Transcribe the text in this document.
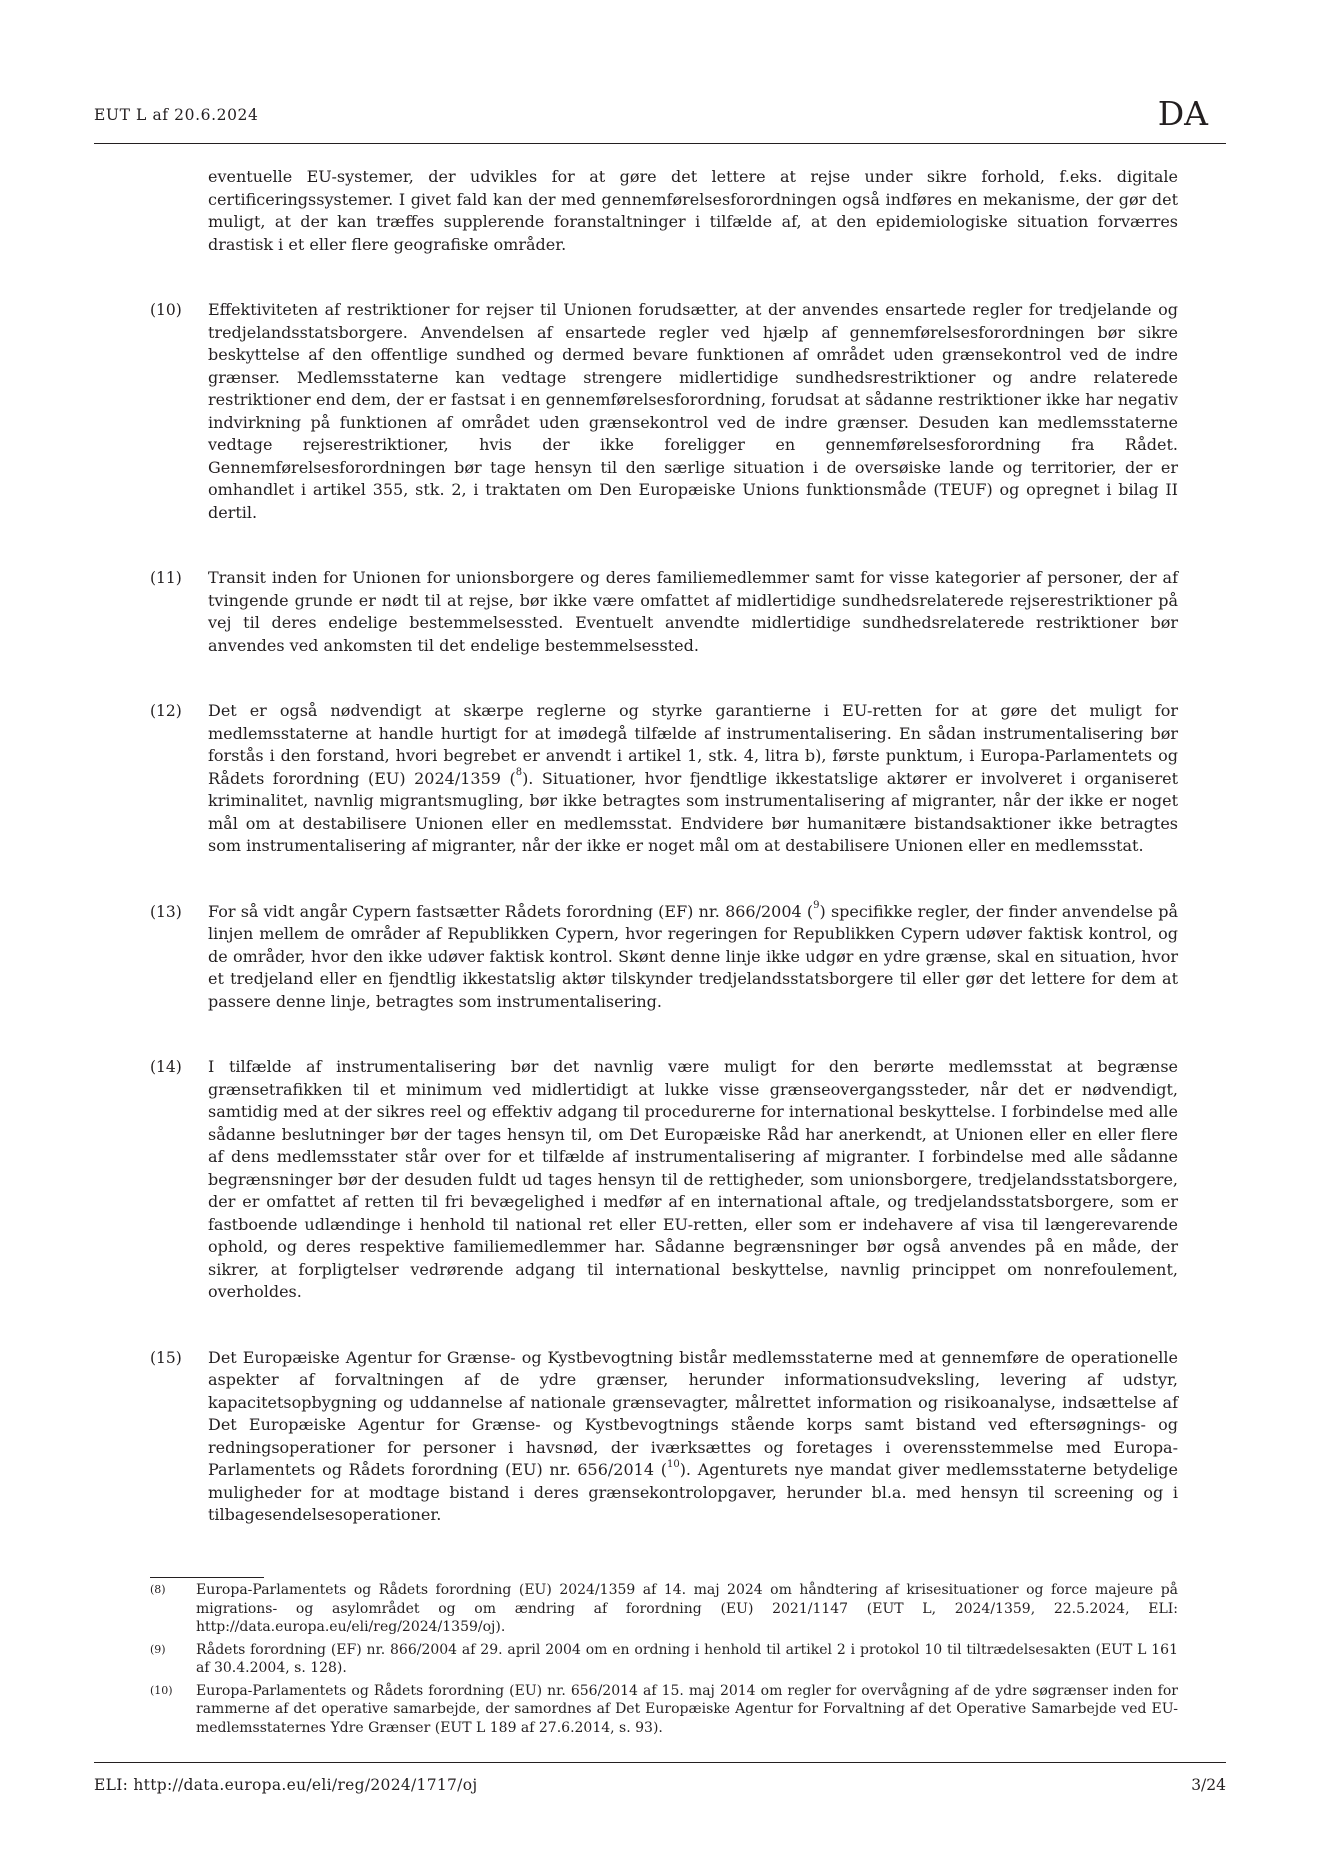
EUT L af 20.6.2024	DA

eventuelle EU-systemer, der udvikles for at gøre det lettere at rejse under sikre forhold, f.eks. digitale certificeringssystemer. I givet fald kan der med gennemførelsesforordningen også indføres en mekanisme, der gør det muligt, at der kan træffes supplerende foranstaltninger i tilfælde af, at den epidemiologiske situation forværres drastisk i et eller flere geografiske områder.

(10)	Effektiviteten af restriktioner for rejser til Unionen forudsætter, at der anvendes ensartede regler for tredjelande og tredjelandsstatsborgere. Anvendelsen af ensartede regler ved hjælp af gennemførelsesforordningen bør sikre beskyttelse af den offentlige sundhed og dermed bevare funktionen af området uden grænsekontrol ved de indre grænser. Medlemsstaterne kan vedtage strengere midlertidige sundhedsrestriktioner og andre relaterede restriktioner end dem, der er fastsat i en gennemførelsesforordning, forudsat at sådanne restriktioner ikke har negativ indvirkning på funktionen af området uden grænsekontrol ved de indre grænser. Desuden kan medlemsstaterne vedtage rejserestriktioner, hvis der ikke foreligger en gennemførelsesforordning fra Rådet. Gennemførelsesforordningen bør tage hensyn til den særlige situation i de oversøiske lande og territorier, der er omhandlet i artikel 355, stk. 2, i traktaten om Den Europæiske Unions funktionsmåde (TEUF) og opregnet i bilag II dertil.

(11)	Transit inden for Unionen for unionsborgere og deres familiemedlemmer samt for visse kategorier af personer, der af tvingende grunde er nødt til at rejse, bør ikke være omfattet af midlertidige sundhedsrelaterede rejserestriktioner på vej til deres endelige bestemmelsessted. Eventuelt anvendte midlertidige sundhedsrelaterede restriktioner bør anvendes ved ankomsten til det endelige bestemmelsessted.

(12)	Det er også nødvendigt at skærpe reglerne og styrke garantierne i EU-retten for at gøre det muligt for medlemsstaterne at handle hurtigt for at imødegå tilfælde af instrumentalisering. En sådan instrumentalisering bør forstås i den forstand, hvori begrebet er anvendt i artikel 1, stk. 4, litra b), første punktum, i Europa-Parlamentets og Rådets forordning (EU) 2024/1359 ($^8$). Situationer, hvor fjendtlige ikkestatslige aktører er involveret i organiseret kriminalitet, navnlig migrantsmugling, bør ikke betragtes som instrumentalisering af migranter, når der ikke er noget mål om at destabilisere Unionen eller en medlemsstat. Endvidere bør humanitære bistandsaktioner ikke betragtes som instrumentalisering af migranter, når der ikke er noget mål om at destabilisere Unionen eller en medlemsstat.

(13)	For så vidt angår Cypern fastsætter Rådets forordning (EF) nr. 866/2004 ($^9$) specifikke regler, der finder anvendelse på linjen mellem de områder af Republikken Cypern, hvor regeringen for Republikken Cypern udøver faktisk kontrol, og de områder, hvor den ikke udøver faktisk kontrol. Skønt denne linje ikke udgør en ydre grænse, skal en situation, hvor et tredjeland eller en fjendtlig ikkestatslig aktør tilskynder tredjelandsstatsborgere til eller gør det lettere for dem at passere denne linje, betragtes som instrumentalisering.

(14)	I tilfælde af instrumentalisering bør det navnlig være muligt for den berørte medlemsstat at begrænse grænsetrafikken til et minimum ved midlertidigt at lukke visse grænseovergangssteder, når det er nødvendigt, samtidig med at der sikres reel og effektiv adgang til procedurerne for international beskyttelse. I forbindelse med alle sådanne beslutninger bør der tages hensyn til, om Det Europæiske Råd har anerkendt, at Unionen eller en eller flere af dens medlemsstater står over for et tilfælde af instrumentalisering af migranter. I forbindelse med alle sådanne begrænsninger bør der desuden fuldt ud tages hensyn til de rettigheder, som unionsborgere, tredjelandsstatsborgere, der er omfattet af retten til fri bevægelighed i medfør af en international aftale, og tredjelandsstatsborgere, som er fastboende udlændinge i henhold til national ret eller EU-retten, eller som er indehavere af visa til længerevarende ophold, og deres respektive familiemedlemmer har. Sådanne begrænsninger bør også anvendes på en måde, der sikrer, at forpligtelser vedrørende adgang til international beskyttelse, navnlig princippet om nonrefoulement, overholdes.

(15)	Det Europæiske Agentur for Grænse- og Kystbevogtning bistår medlemsstaterne med at gennemføre de operationelle aspekter af forvaltningen af de ydre grænser, herunder informationsudveksling, levering af udstyr, kapacitetsopbygning og uddannelse af nationale grænsevagter, målrettet information og risikoanalyse, indsættelse af Det Europæiske Agentur for Grænse- og Kystbevogtnings stående korps samt bistand ved eftersøgnings- og redningsoperationer for personer i havsnød, der iværksættes og foretages i overensstemmelse med Europa-Parlamentets og Rådets forordning (EU) nr. 656/2014 ($^{10}$). Agenturets nye mandat giver medlemsstaterne betydelige muligheder for at modtage bistand i deres grænsekontrolopgaver, herunder bl.a. med hensyn til screening og i tilbagesendelsesoperationer.

(8)	Europa-Parlamentets og Rådets forordning (EU) 2024/1359 af 14. maj 2024 om håndtering af krisesituationer og force majeure på migrations- og asylområdet og om ændring af forordning (EU) 2021/1147 (EUT L, 2024/1359, 22.5.2024, ELI: http://data.europa.eu/eli/reg/2024/1359/oj).
(9)	Rådets forordning (EF) nr. 866/2004 af 29. april 2004 om en ordning i henhold til artikel 2 i protokol 10 til tiltrædelsesakten (EUT L 161 af 30.4.2004, s. 128).
(10)	Europa-Parlamentets og Rådets forordning (EU) nr. 656/2014 af 15. maj 2014 om regler for overvågning af de ydre søgrænser inden for rammerne af det operative samarbejde, der samordnes af Det Europæiske Agentur for Forvaltning af det Operative Samarbejde ved EU-medlemsstaternes Ydre Grænser (EUT L 189 af 27.6.2014, s. 93).
ELI: http://data.europa.eu/eli/reg/2024/1717/oj	3/24
